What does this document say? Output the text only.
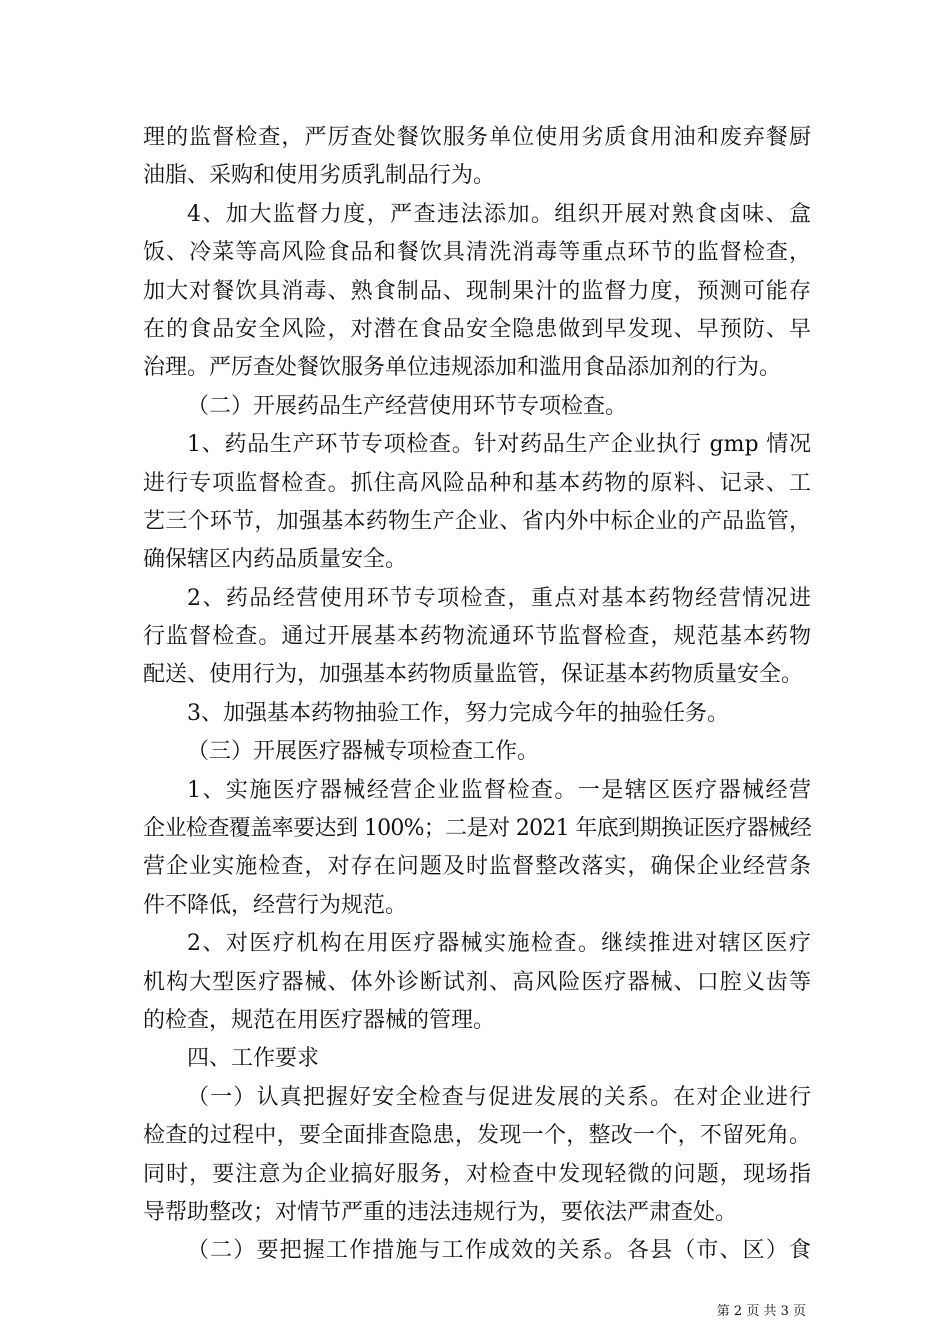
理的监督检查，严厉查处餐饮服务单位使用劣质食用油和废弃餐厨
油脂、采购和使用劣质乳制品行为。
4、加大监督力度，严查违法添加。组织开展对熟食卤味、盒
饭、冷菜等高风险食品和餐饮具清洗消毒等重点环节的监督检查，
加大对餐饮具消毒、熟食制品、现制果汁的监督力度，预测可能存
在的食品安全风险，对潜在食品安全隐患做到早发现、早预防、早
治理。严厉查处餐饮服务单位违规添加和滥用食品添加剂的行为。
（二）开展药品生产经营使用环节专项检查。
1、药品生产环节专项检查。针对药品生产企业执行 gmp 情况
进行专项监督检查。抓住高风险品种和基本药物的原料、记录、工
艺三个环节，加强基本药物生产企业、省内外中标企业的产品监管，
确保辖区内药品质量安全。
2、药品经营使用环节专项检查，重点对基本药物经营情况进
行监督检查。通过开展基本药物流通环节监督检查，规范基本药物
配送、使用行为，加强基本药物质量监管，保证基本药物质量安全。
3、加强基本药物抽验工作，努力完成今年的抽验任务。
（三）开展医疗器械专项检查工作。
1、实施医疗器械经营企业监督检查。一是辖区医疗器械经营
企业检查覆盖率要达到 100%；二是对 2021 年底到期换证医疗器械经
营企业实施检查，对存在问题及时监督整改落实，确保企业经营条
件不降低，经营行为规范。
2、对医疗机构在用医疗器械实施检查。继续推进对辖区医疗
机构大型医疗器械、体外诊断试剂、高风险医疗器械、口腔义齿等
的检查，规范在用医疗器械的管理。
四、工作要求
（一）认真把握好安全检查与促进发展的关系。在对企业进行
检查的过程中，要全面排查隐患，发现一个，整改一个，不留死角。
同时，要注意为企业搞好服务，对检查中发现轻微的问题，现场指
导帮助整改；对情节严重的违法违规行为，要依法严肃查处。
（二）要把握工作措施与工作成效的关系。各县（市、区）食
第 2 页 共 3 页
